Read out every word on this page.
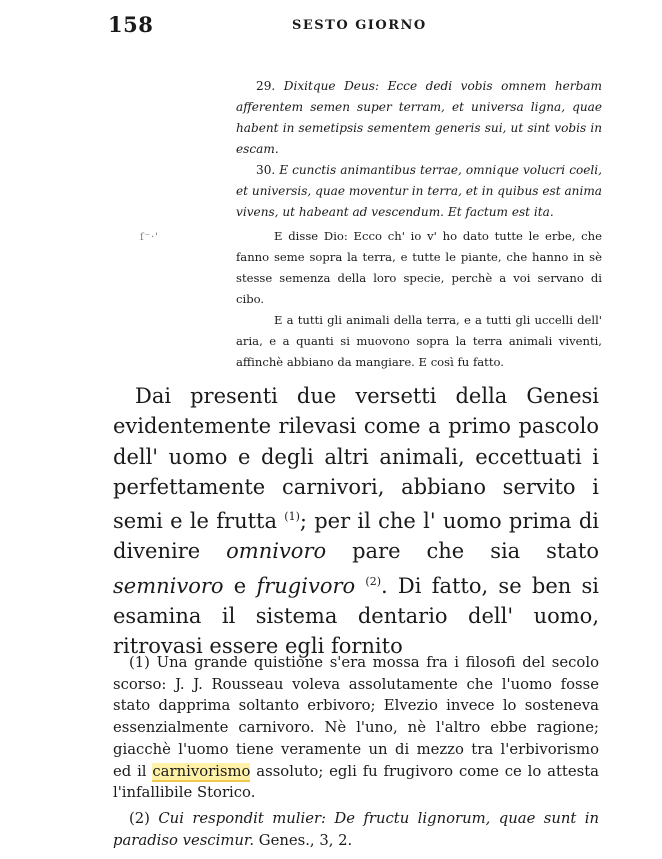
158	SESTO GIORNO

29. Dixitque Deus: Ecce dedi vobis omnem herbam afferentem semen super terram, et universa ligna, quae habent in semetipsis sementem generis sui, ut sint vobis in escam.

30. E cunctis animantibus terrae, omnique volucri coeli, et universis, quae moventur in terra, et in quibus est anima vivens, ut habeant ad vescendum. Et factum est ita.

E disse Dio: Ecco ch' io v' ho dato tutte le erbe, che fanno seme sopra la terra, e tutte le piante, che hanno in sè stesse semenza della loro specie, perchè a voi servano di cibo.

E a tutti gli animali della terra, e a tutti gli uccelli dell' aria, e a quanti si muovono sopra la terra animali viventi, affinchè abbiano da mangiare. E così fu fatto.

ſ⁻·'

Dai presenti due versetti della Genesi evidentemente rilevasi come a primo pascolo dell' uomo e degli altri animali, eccettuati i perfettamente carnivori, abbiano servito i semi e le frutta $^{(1)}$; per il che l' uomo prima di divenire omnivoro pare che sia stato semnivoro e frugivoro $^{(2)}$. Di fatto, se ben si esamina il sistema dentario dell' uomo, ritrovasi essere egli fornito

(1) Una grande quistione s'era mossa fra i filosofi del secolo scorso: J. J. Rousseau voleva assolutamente che l'uomo fosse stato dapprima soltanto erbivoro; Elvezio invece lo sosteneva essenzialmente carnivoro. Nè l'uno, nè l'altro ebbe ragione; giacchè l'uomo tiene veramente un di mezzo tra l'erbivorismo ed il carnivorismo assoluto; egli fu frugivoro come ce lo attesta l'infallibile Storico.

(2) Cui respondit mulier: De fructu lignorum, quae sunt in paradiso vescimur. Genes., 3, 2.
